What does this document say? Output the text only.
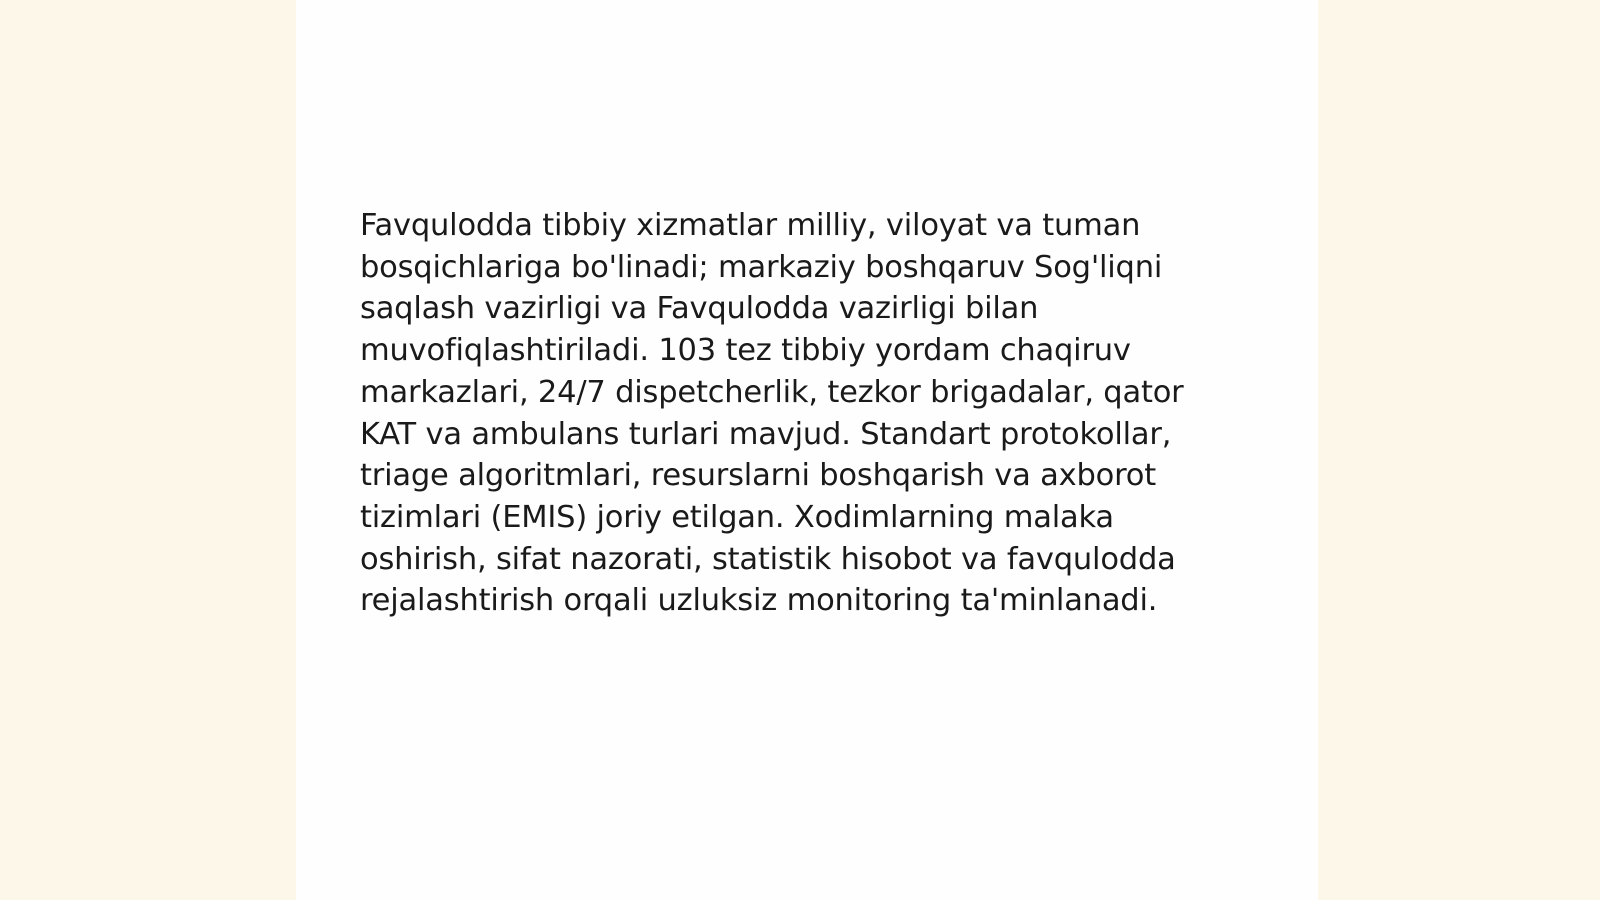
Favqulodda tibbiy xizmatlar milliy, viloyat va tuman
bosqichlariga bo'linadi; markaziy boshqaruv Sog'liqni
saqlash vazirligi va Favqulodda vazirligi bilan
muvofiqlashtiriladi. 103 tez tibbiy yordam chaqiruv
markazlari, 24/7 dispetcherlik, tezkor brigadalar, qator
KAT va ambulans turlari mavjud. Standart protokollar,
triage algoritmlari, resurslarni boshqarish va axborot
tizimlari (EMIS) joriy etilgan. Xodimlarning malaka
oshirish, sifat nazorati, statistik hisobot va favqulodda
rejalashtirish orqali uzluksiz monitoring ta'minlanadi.
